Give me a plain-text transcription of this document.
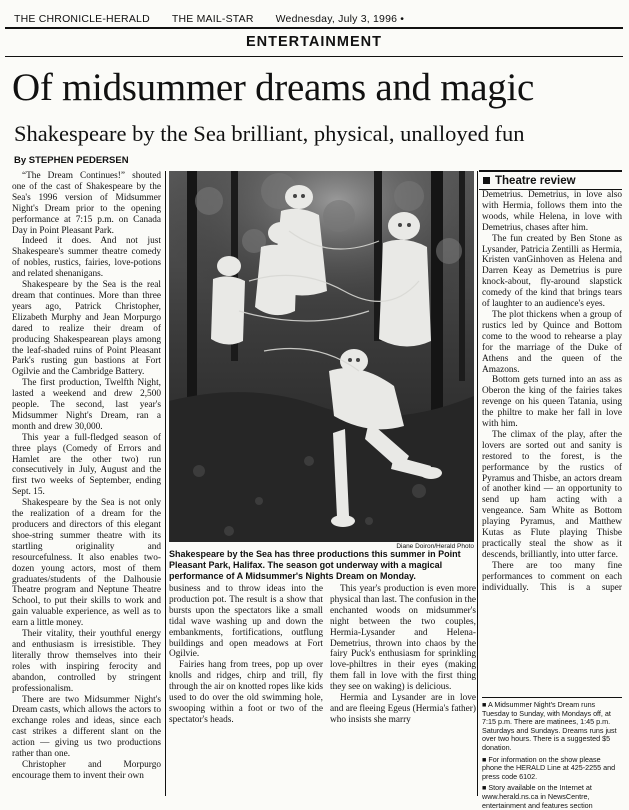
THE CHRONICLE-HERALD THE MAIL-STAR Wednesday, July 3, 1996 •
ENTERTAINMENT
Of midsummer dreams and magic
Shakespeare by the Sea brilliant, physical, unalloyed fun
By STEPHEN PEDERSEN

“The Dream Continues!” shouted one of the cast of Shakespeare by the Sea's 1996 version of Midsummer Night's Dream prior to the opening performance at 7:15 p.m. on Canada Day in Point Pleasant Park.

Indeed it does. And not just Shakespeare's summer theatre comedy of nobles, rustics, fairies, love-potions and related shenanigans.

Shakespeare by the Sea is the real dream that continues. More than three years ago, Patrick Christopher, Elizabeth Murphy and Jean Morpurgo dared to realize their dream of producing Shakespearean plays among the leaf-shaded ruins of Point Pleasant Park's rusting gun bastions at Fort Ogilvie and the Cambridge Battery.

The first production, Twelfth Night, lasted a weekend and drew 2,500 people. The second, last year's Midsummer Night's Dream, ran a month and drew 30,000.

This year a full-fledged season of three plays (Comedy of Errors and Hamlet are the other two) run consecutively in July, August and the first two weeks of September, ending Sept. 15.

Shakespeare by the Sea is not only the realization of a dream for the producers and directors of this elegant shoe-string summer theatre with its startling originality and resourcefulness. It also enables two-dozen young actors, most of them graduates/students of the Dalhousie Theatre program and Neptune Theatre School, to put their skills to work and gain valuable experience, as well as to earn a little money.

Their vitality, their youthful energy and enthusiasm is irresistible. They literally throw themselves into their roles with inspiring ferocity and abandon, controlled by stringent professionalism.

There are two Midsummer Night's Dream casts, which allows the actors to exchange roles and ideas, since each cast strikes a different slant on the action — giving us two productions rather than one.

Christopher and Morpurgo encourage them to invent their own

Diane Doiron/Herald Photo
Shakespeare by the Sea has three productions this summer in Point Pleasant Park, Halifax. The season got underway with a magical performance of A Midsummer's Nights Dream on Monday.

business and to throw ideas into the production pot. The result is a show that bursts upon the spectators like a small tidal wave washing up and down the embankments, fortifications, outflung buildings and open meadows at Fort Ogilvie.

Fairies hang from trees, pop up over knolls and ridges, chirp and trill, fly through the air on knotted ropes like kids used to do over the old swimming hole, swooping within a foot or two of the spectator's heads.

This year's production is even more physical than last. The confusion in the enchanted woods on midsummer's night between the two couples, Hermia-Lysander and Helena-Demetrius, thrown into chaos by the fairy Puck's enthusiasm for sprinkling love-philtres in their eyes (making them fall in love with the first thing they see on waking) is delicious.

Hermia and Lysander are in love and are fleeing Egeus (Hermia's father) who insists she marry

Theatre review

Demetrius. Demetrius, in love also with Hermia, follows them into the woods, while Helena, in love with Demetrius, chases after him.

The fun created by Ben Stone as Lysander, Patricia Zentilli as Hermia, Kristen vanGinhoven as Helena and Darren Keay as Demetrius is pure knock-about, fly-around slapstick comedy of the kind that brings tears of laughter to an audience's eyes.

The plot thickens when a group of rustics led by Quince and Bottom come to the wood to rehearse a play for the marriage of the Duke of Athens and the queen of the Amazons.

Bottom gets turned into an ass as Oberon the king of the fairies takes revenge on his queen Tatania, using the philtre to make her fall in love with him.

The climax of the play, after the lovers are sorted out and sanity is restored to the forest, is the performance by the rustics of Pyramus and Thisbe, an actors dream of another kind — an opportunity to send up ham acting with a vengeance. Sam White as Bottom playing Pyramus, and Matthew Kutas as Flute playing Thisbe practically steal the show as it descends, brilliantly, into utter farce.

There are too many fine performances to comment on each individually. This is a super

■ A Midsummer Night's Dream runs Tuesday to Sunday, with Mondays off, at 7:15 p.m. There are matinees, 1:45 p.m. Saturdays and Sundays. Dreams runs just over two hours. There is a suggested $5 donation.

■ For information on the show please phone the HERALD Line at 425-2255 and press code 6102.

■ Story available on the Internet at www.herald.ns.ca in NewsCentre, entertainment and features section
